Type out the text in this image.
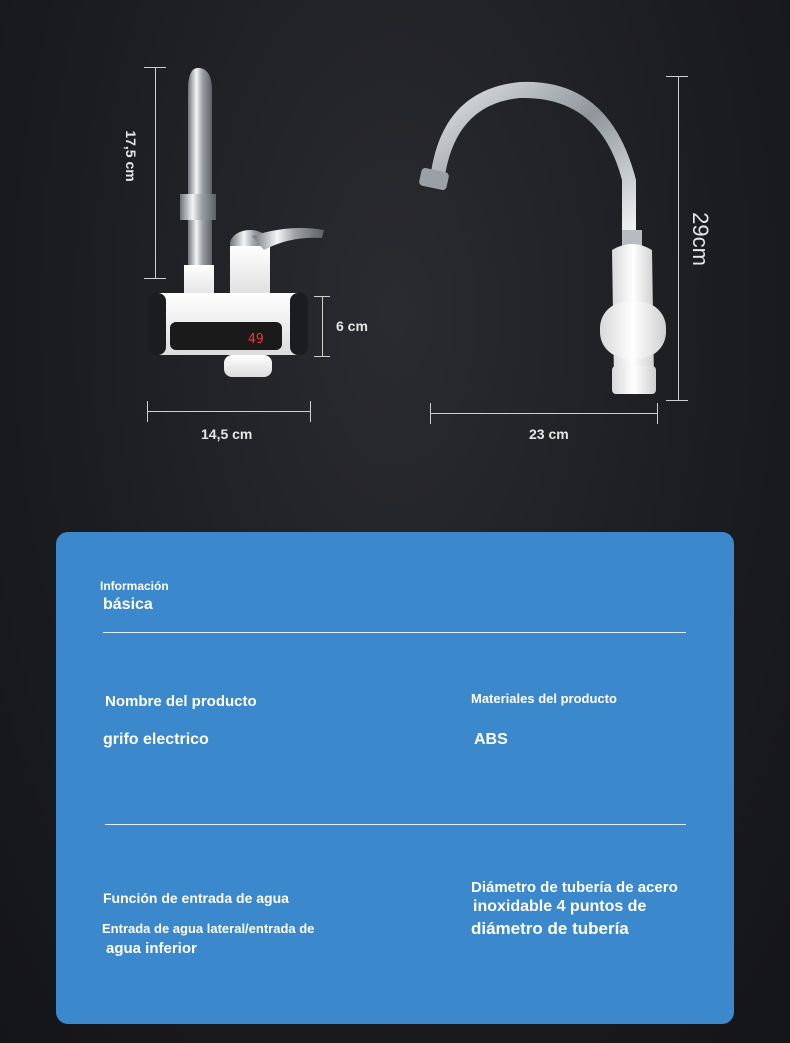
17,5 cm
6 cm
14,5 cm
49
29cm
23 cm
Información
básica
Nombre del producto
grifo electrico
Materiales del producto
ABS
Función de entrada de agua
Entrada de agua lateral/entrada de
agua inferior
Diámetro de tubería de acero
inoxidable 4 puntos de
diámetro de tubería
